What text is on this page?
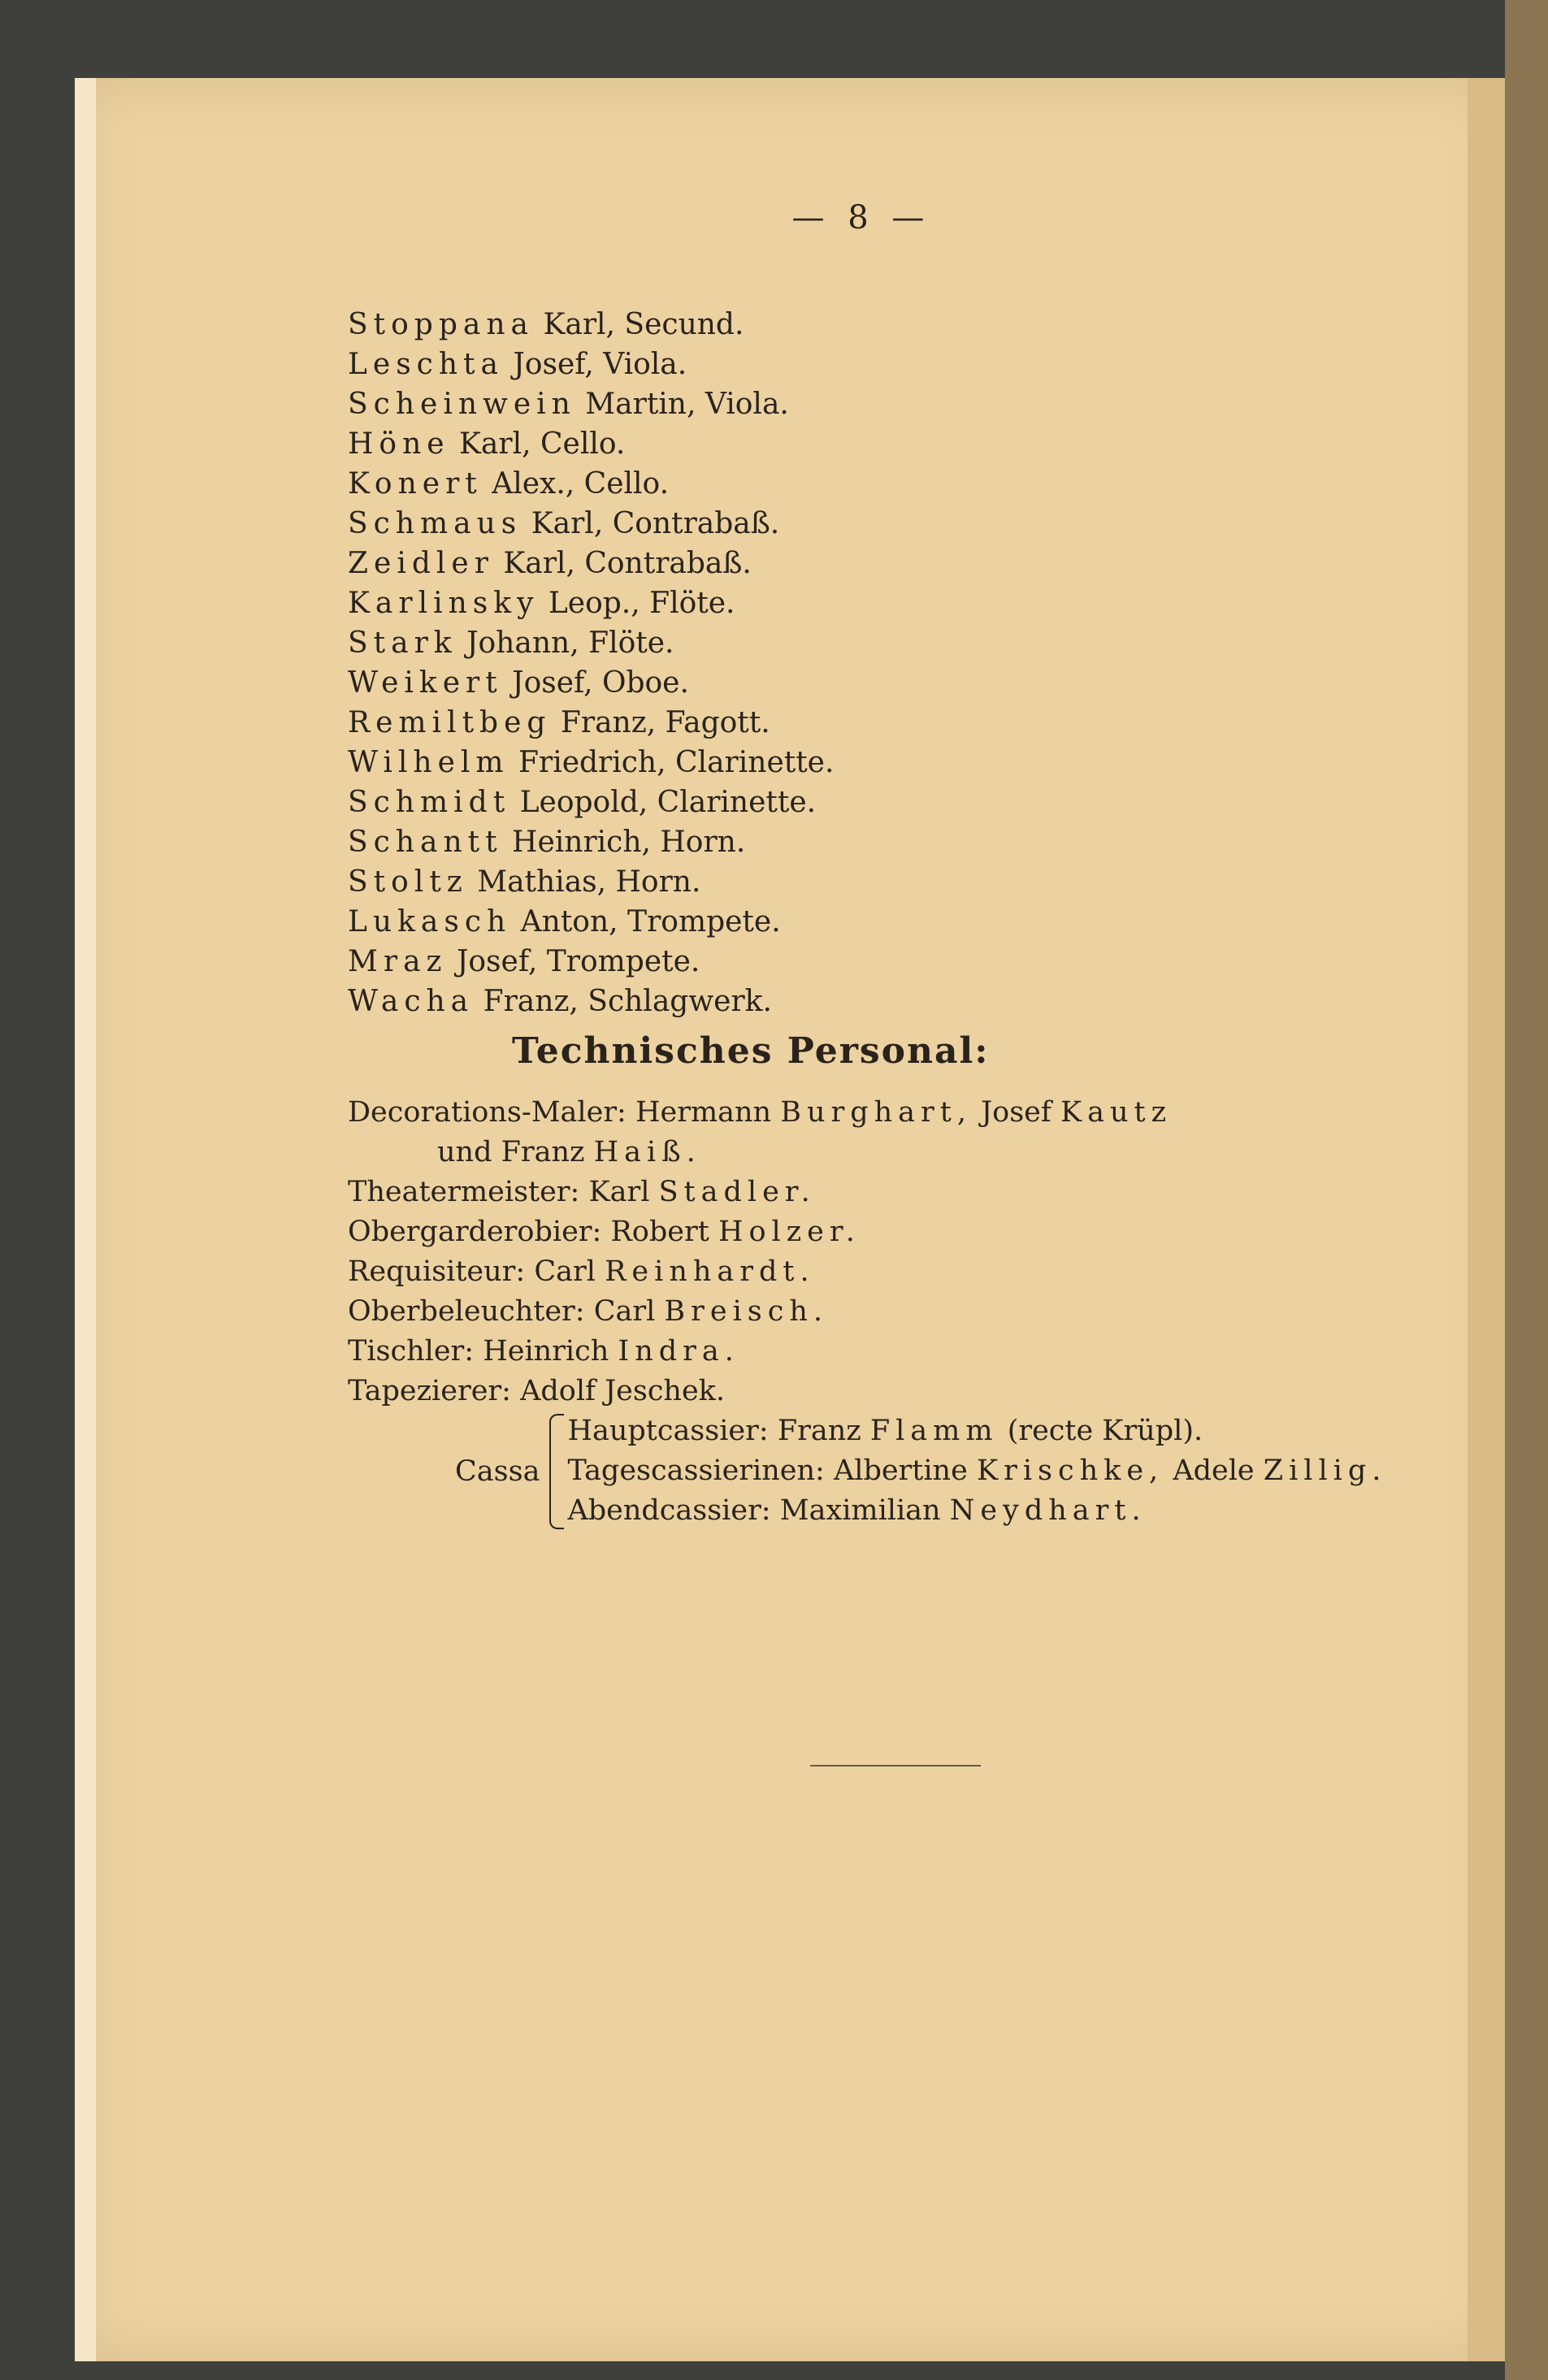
— 8 —
Stoppana Karl, Secund.
Leschta Josef, Viola.
Scheinwein Martin, Viola.
Höne Karl, Cello.
Konert Alex., Cello.
Schmaus Karl, Contrabaß.
Zeidler Karl, Contrabaß.
Karlinsky Leop., Flöte.
Stark Johann, Flöte.
Weikert Josef, Oboe.
Remiltbeg Franz, Fagott.
Wilhelm Friedrich, Clarinette.
Schmidt Leopold, Clarinette.
Schantt Heinrich, Horn.
Stoltz Mathias, Horn.
Lukasch Anton, Trompete.
Mraz Josef, Trompete.
Wacha Franz, Schlagwerk.
Technisches Personal:
Decorations-Maler: Hermann Burghart, Josef Kautz
und Franz Haiß.
Theatermeister: Karl Stadler.
Obergarderobier: Robert Holzer.
Requisiteur: Carl Reinhardt.
Oberbeleuchter: Carl Breisch.
Tischler: Heinrich Indra.
Tapezierer: Adolf Jeschek.
Cassa
Hauptcassier: Franz Flamm (recte Krüpl).
Tagescassierinen: Albertine Krischke, Adele Zillig.
Abendcassier: Maximilian Neydhart.
